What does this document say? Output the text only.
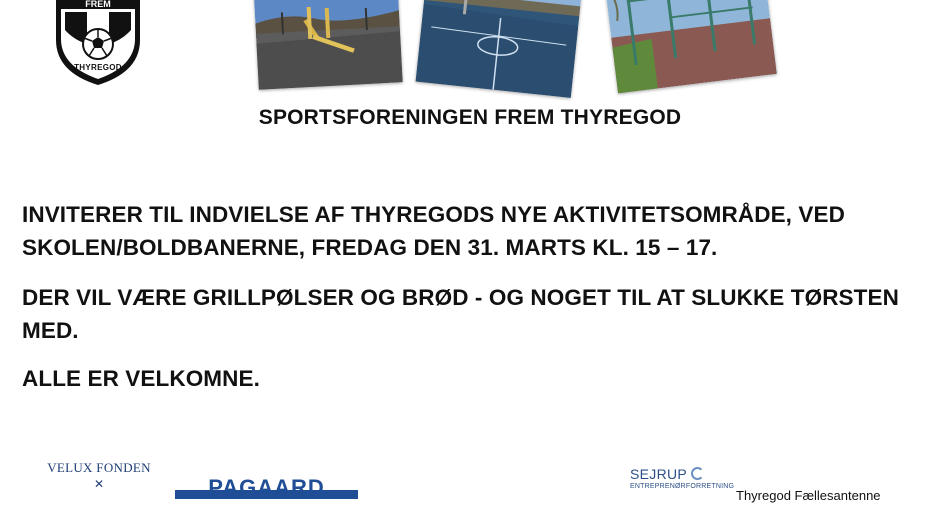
FREM
THYREGOD
SPORTSFORENINGEN FREM THYREGOD
INVITERER TIL INDVIELSE AF THYREGODS NYE AKTIVITETSOMRÅDE, VED
SKOLEN/BOLDBANERNE, FREDAG DEN 31. MARTS KL. 15 – 17.
DER VIL VÆRE GRILLPØLSER OG BRØD - OG NOGET TIL AT SLUKKE TØRSTEN
MED.
ALLE ER VELKOMNE.
VELUX FONDEN
✕	PAGAARD
SEJRUP
ENTREPRENØRFORRETNING
Thyregod Fællesantenne
